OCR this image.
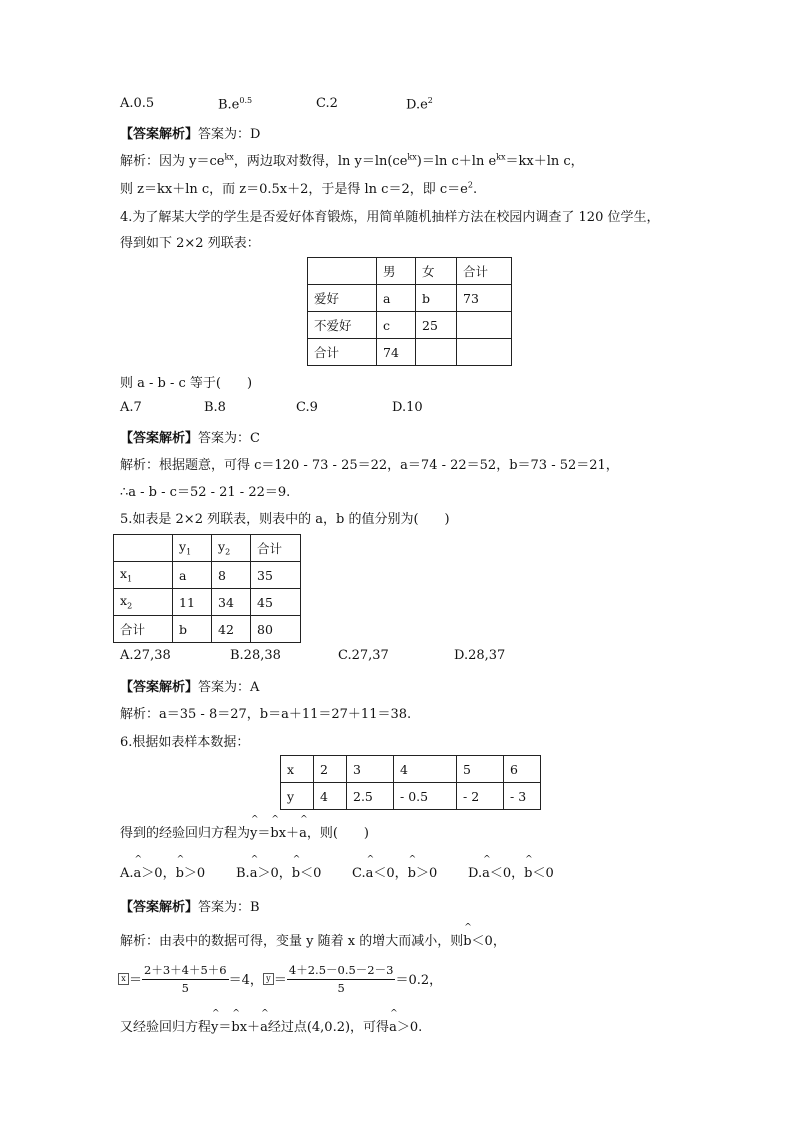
A.0.5	$B.e^{0.5}$	C.2	$D.e^2$
【答案解析】答案为：D
解析：因为 $y=ce^{kx}$，两边取对数得，$\ln y=\ln(ce^{kx})=\ln$ c＋ln $e^{kx}=kx+\ln$ c，
则 z＝kx＋ln c，而 z＝0.5x＋2，于是得 ln c＝2，即 $c=e^2$.
4.为了解某大学的学生是否爱好体育锻炼，用简单随机抽样方法在校园内调查了 120 位学生，
得到如下 2×2 列联表：
	男	女	合计
爱好	a	b	73
不爱好	c	25	
合计	74		
则 a - b - c 等于(　　)
A.7	B.8	C.9	D.10
【答案解析】答案为：C
解析：根据题意，可得 c＝120 - 73 - 25＝22，a＝74 - 22＝52，b＝73 - 52＝21，
∴a - b - c＝52 - 21 - 22＝9.
5.如表是 2×2 列联表，则表中的 a，b 的值分别为(　　)
	$y_1$	$y_2$	合计
$x_1$	a	8	35
$x_2$	11	34	45
合计	b	42	80
A.27,38	B.28,38	C.27,37	D.28,37
【答案解析】答案为：A
解析：a＝35 - 8＝27，b＝a＋11＝27＋11＝38.
6.根据如表样本数据：
x	2	3	4	5	6
y	4	2.5	- 0.5	- 2	- 3
得到的经验回归方程为^ y＝^ bx＋^ a，则(　　)
A.^ a＞0，^ b＞0 B.^ a＞0，^ b＜0 C.^ a＜0，^ b＞0 D.^ a＜0，^ b＜0
【答案解析】答案为：B
解析：由表中的数据可得，变量 y 随着 x 的增大而减小，则^ b＜0，
$x = \frac{2+3+4+5+6}{5} =4$， $y = \frac{4+2.5-0.5-2-3}{5} =0.2$，
又经验回归方程^ y＝^ bx＋^ a经过点(4,0.2)，可得^ a＞0.
